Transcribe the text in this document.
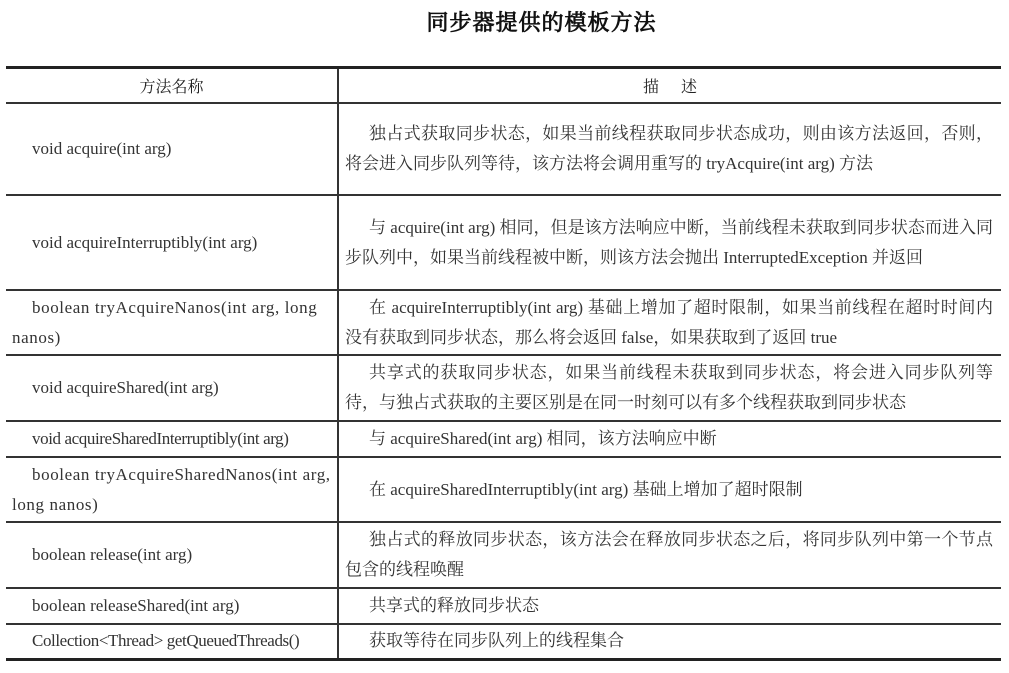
同步器提供的模板方法
方法名称	描述
void acquire(int arg)	独占式获取同步状态，如果当前线程获取同步状态成功，则由该方法返回，否则，将会进入同步队列等待，该方法将会调用重写的 tryAcquire(int arg) 方法
void acquireInterruptibly(int arg)	与 acquire(int arg) 相同，但是该方法响应中断，当前线程未获取到同步状态而进入同步队列中，如果当前线程被中断，则该方法会抛出 InterruptedException 并返回
boolean tryAcquireNanos(int arg, long nanos)	在 acquireInterruptibly(int arg) 基础上增加了超时限制，如果当前线程在超时时间内没有获取到同步状态，那么将会返回 false，如果获取到了返回 true
void acquireShared(int arg)	共享式的获取同步状态，如果当前线程未获取到同步状态，将会进入同步队列等待，与独占式获取的主要区别是在同一时刻可以有多个线程获取到同步状态
void acquireSharedInterruptibly(int arg)	与 acquireShared(int arg) 相同，该方法响应中断
boolean tryAcquireSharedNanos(int arg, long nanos)	在 acquireSharedInterruptibly(int arg) 基础上增加了超时限制
boolean release(int arg)	独占式的释放同步状态，该方法会在释放同步状态之后，将同步队列中第一个节点包含的线程唤醒
boolean releaseShared(int arg)	共享式的释放同步状态
Collection<Thread> getQueuedThreads()	获取等待在同步队列上的线程集合
